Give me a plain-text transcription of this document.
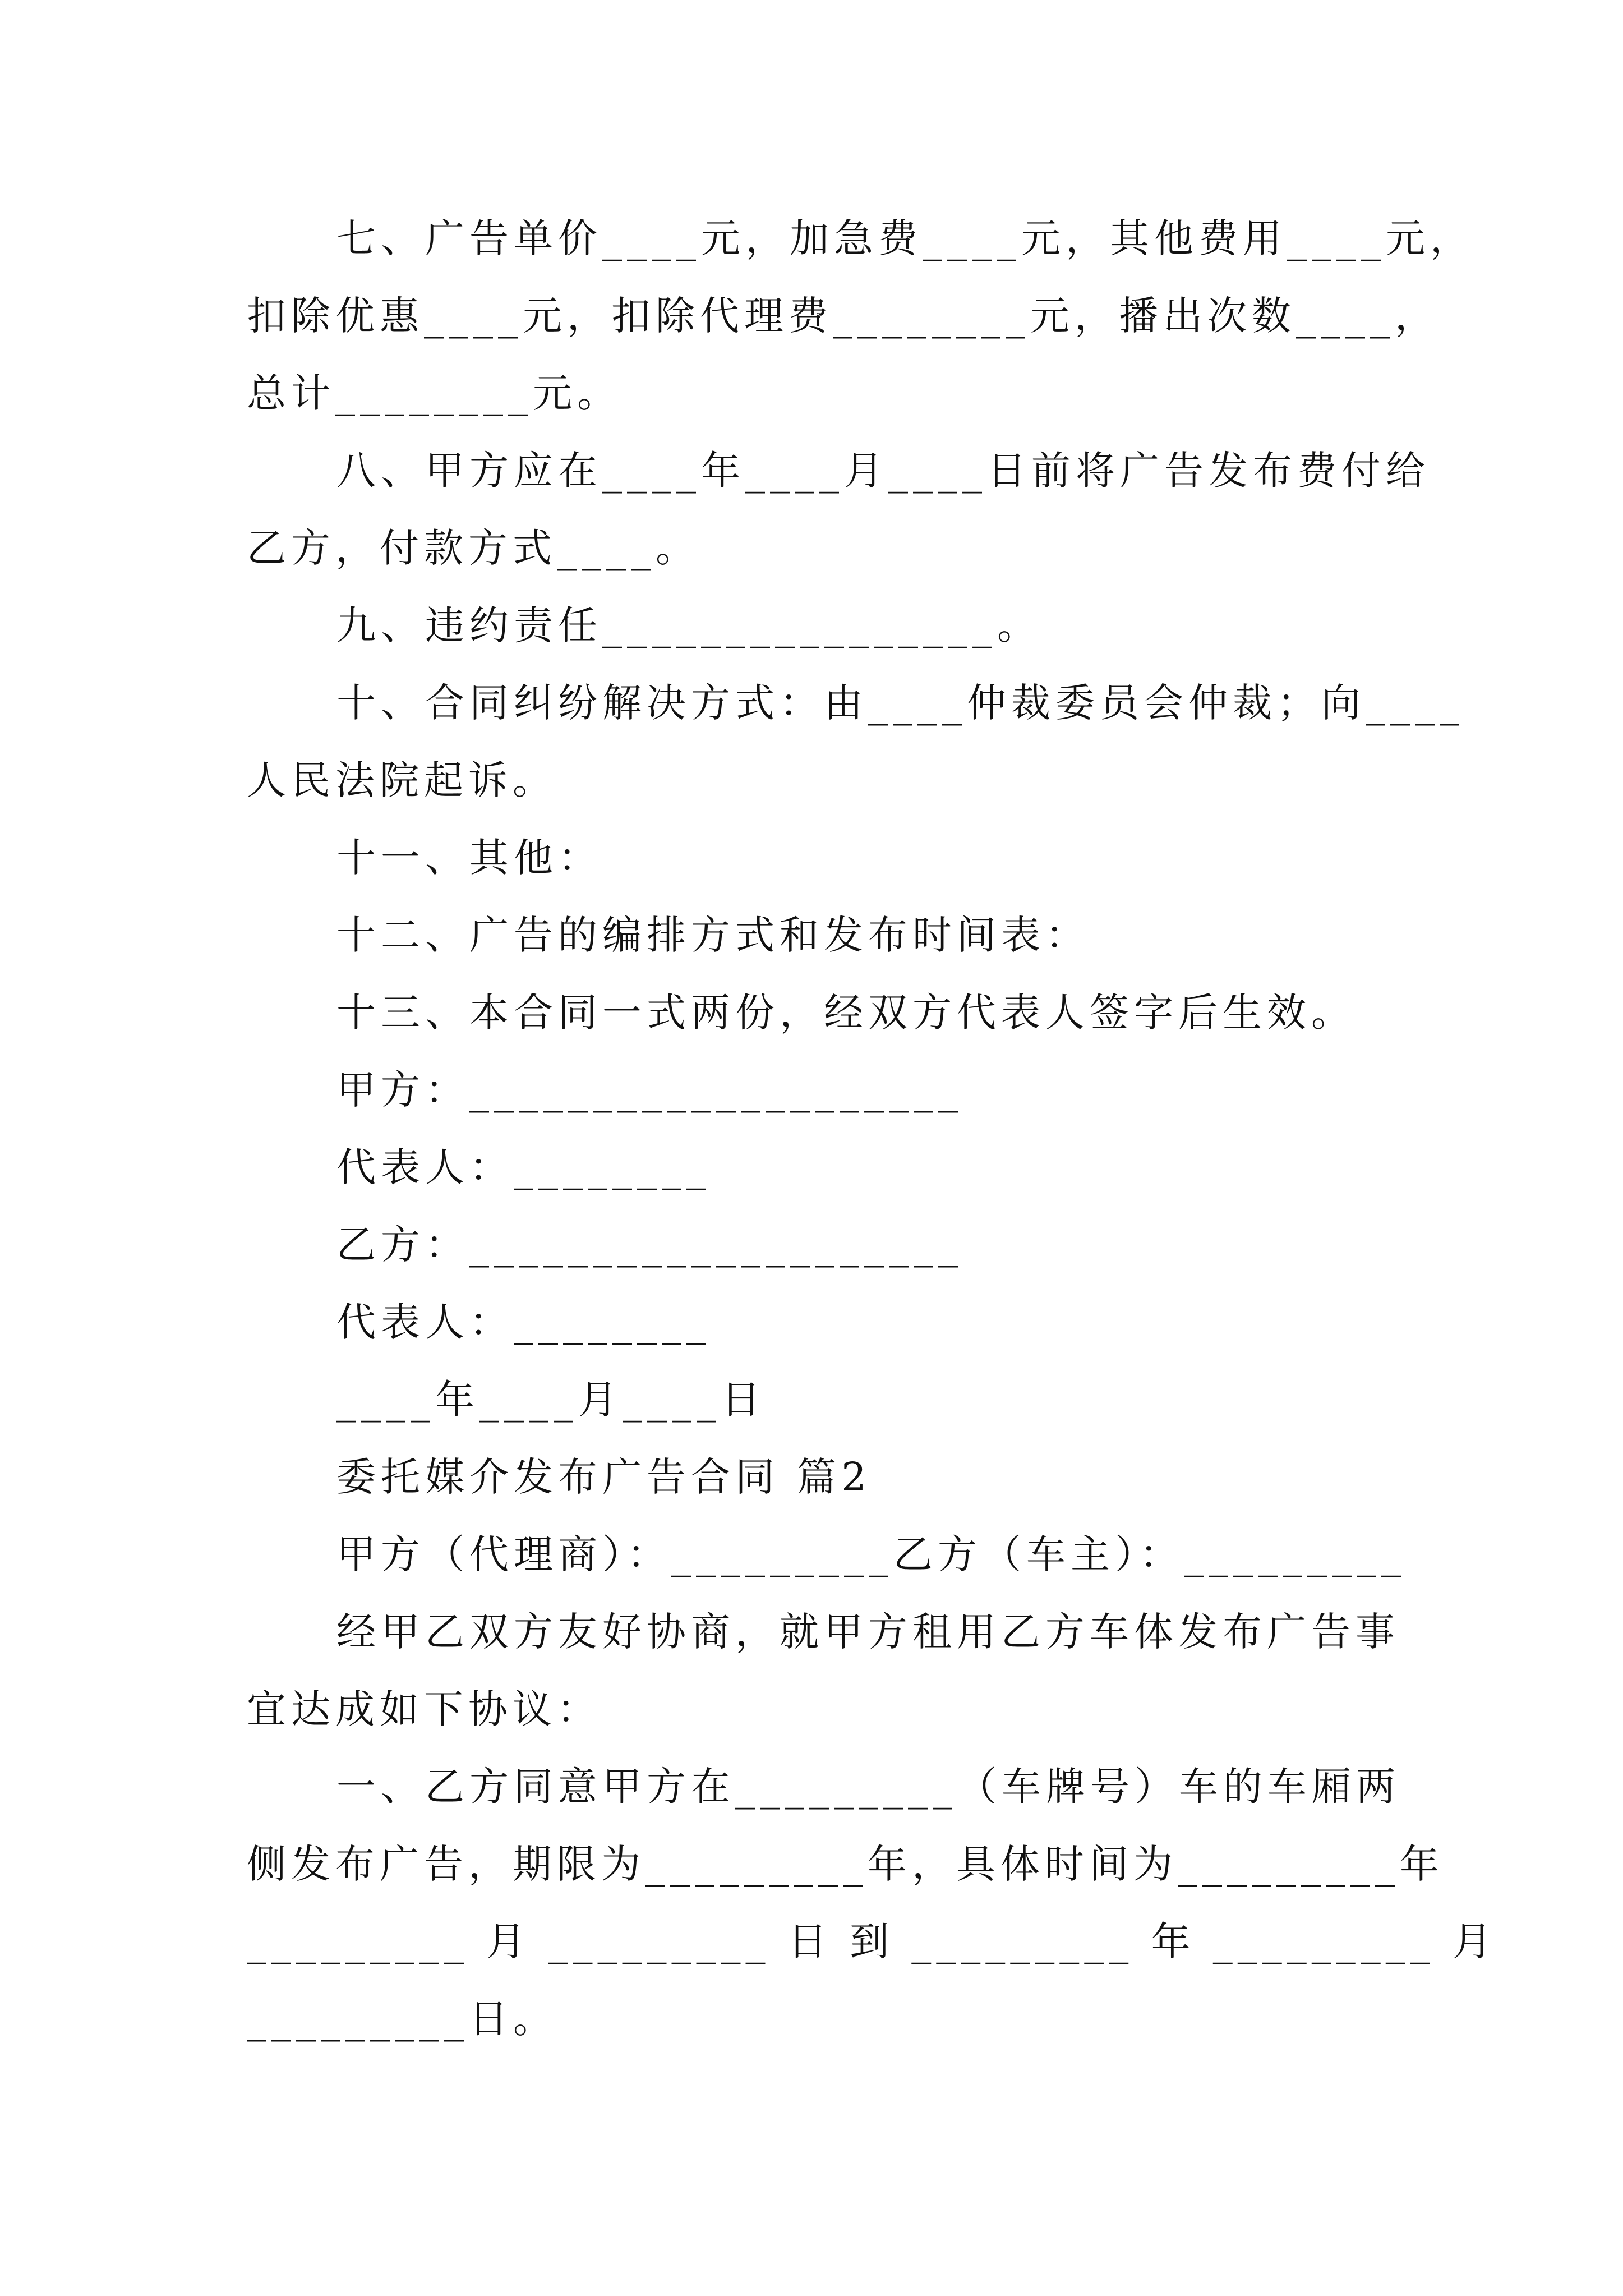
七、广告单价____元，加急费____元，其他费用____元，
扣除优惠____元，扣除代理费________元，播出次数____，
总计________元。
八、甲方应在____年____月____日前将广告发布费付给
乙方，付款方式____。
九、违约责任________________。
十、合同纠纷解决方式：由____仲裁委员会仲裁；向____
人民法院起诉。
十一、其他：
十二、广告的编排方式和发布时间表：
十三、本合同一式两份，经双方代表人签字后生效。
甲方：____________________
代表人：________
乙方：____________________
代表人：________
____年____月____日
委托媒介发布广告合同 篇2
甲方（代理商）：_________乙方（车主）：_________
经甲乙双方友好协商，就甲方租用乙方车体发布广告事
宜达成如下协议：
一、乙方同意甲方在_________（车牌号）车的车厢两
侧发布广告，期限为_________年，具体时间为_________年
_________ 月 _________ 日 到 _________ 年 _________ 月
_________日。
